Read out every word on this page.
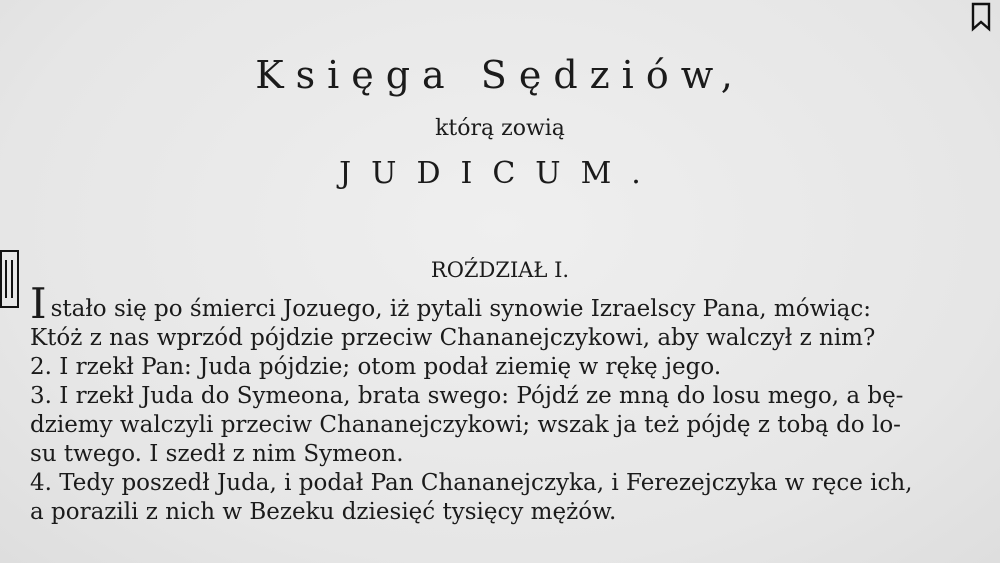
Księga Sędziów,
którą zowią
JUDICUM.
ROŹDZIAŁ I.
Istało się po śmierci Jozuego, iż pytali synowie Izraelscy Pana, mówiąc:
Któż z nas wprzód pójdzie przeciw Chananejczykowi, aby walczył z nim?
2. I rzekł Pan: Juda pójdzie; otom podał ziemię w rękę jego.
3. I rzekł Juda do Symeona, brata swego: Pójdź ze mną do losu mego, a bę-
dziemy walczyli przeciw Chananejczykowi; wszak ja też pójdę z tobą do lo-
su twego. I szedł z nim Symeon.
4. Tedy poszedł Juda, i podał Pan Chananejczyka, i Ferezejczyka w ręce ich,
a porazili z nich w Bezeku dziesięć tysięcy mężów.
